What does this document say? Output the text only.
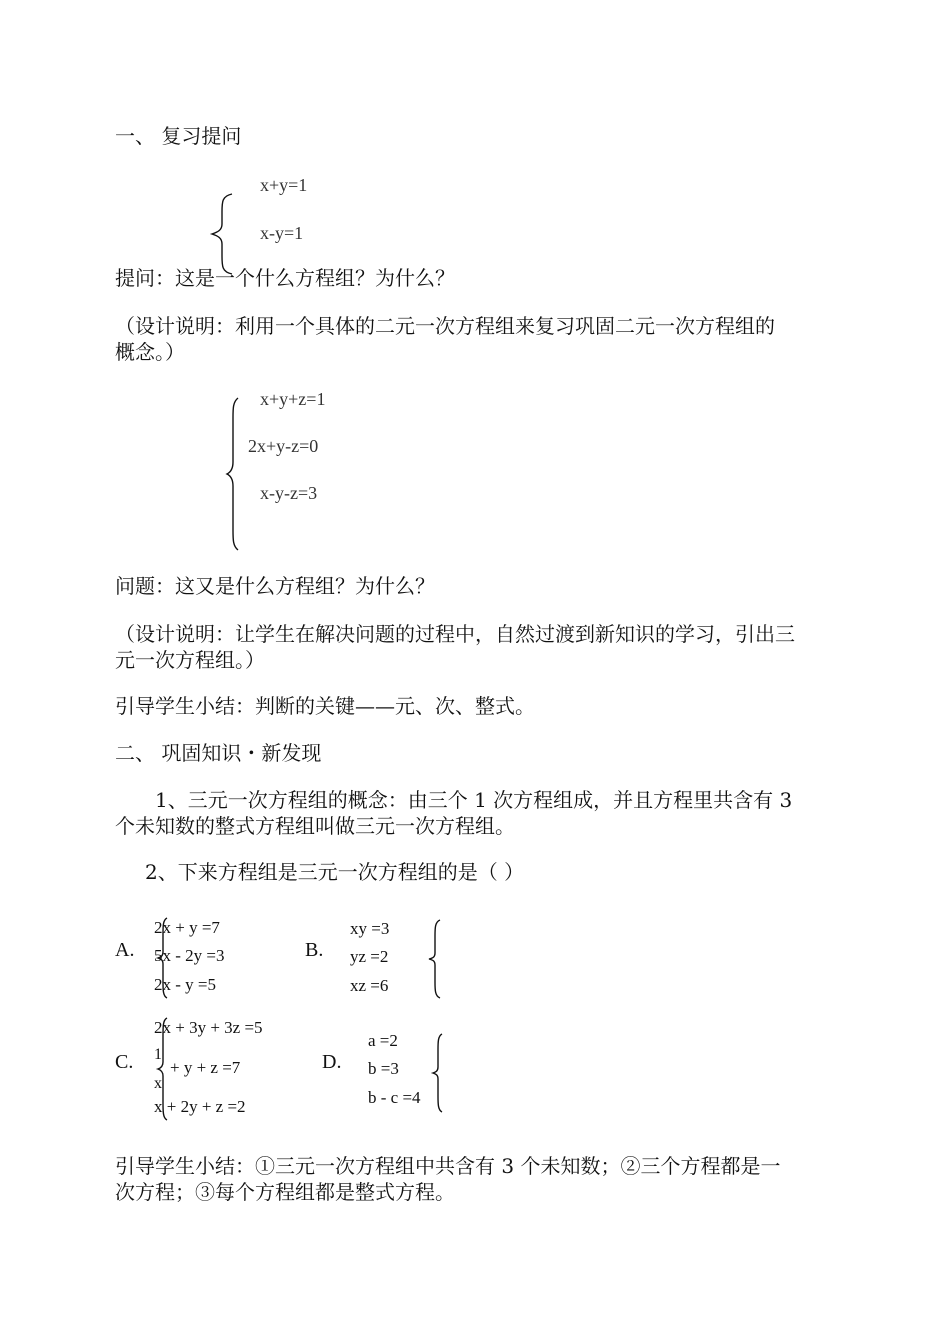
一、 复习提问
x+y=1
x-y=1
提问：这是一个什么方程组？为什么？
（设计说明：利用一个具体的二元一次方程组来复习巩固二元一次方程组的
概念。）
x+y+z=1
2x+y-z=0
x-y-z=3
问题：这又是什么方程组？为什么？
（设计说明：让学生在解决问题的过程中，自然过渡到新知识的学习，引出三
元一次方程组。）
引导学生小结：判断的关键——元、次、整式。
二、 巩固知识・新发现
1、三元一次方程组的概念：由三个 1 次方程组成，并且方程里共含有 3
个未知数的整式方程组叫做三元一次方程组。
2、下来方程组是三元一次方程组的是（ ）
A.
2x + y =7
5x - 2y =3
2x - y =5
B.
xy =3
yz =2
xz =6
C.
2x + 3y + 3z =5
1
x
+ y + z =7
x + 2y + z =2
D.
a =2
b =3
b - c =4
引导学生小结：①三元一次方程组中共含有 3 个未知数；②三个方程都是一
次方程；③每个方程组都是整式方程。
